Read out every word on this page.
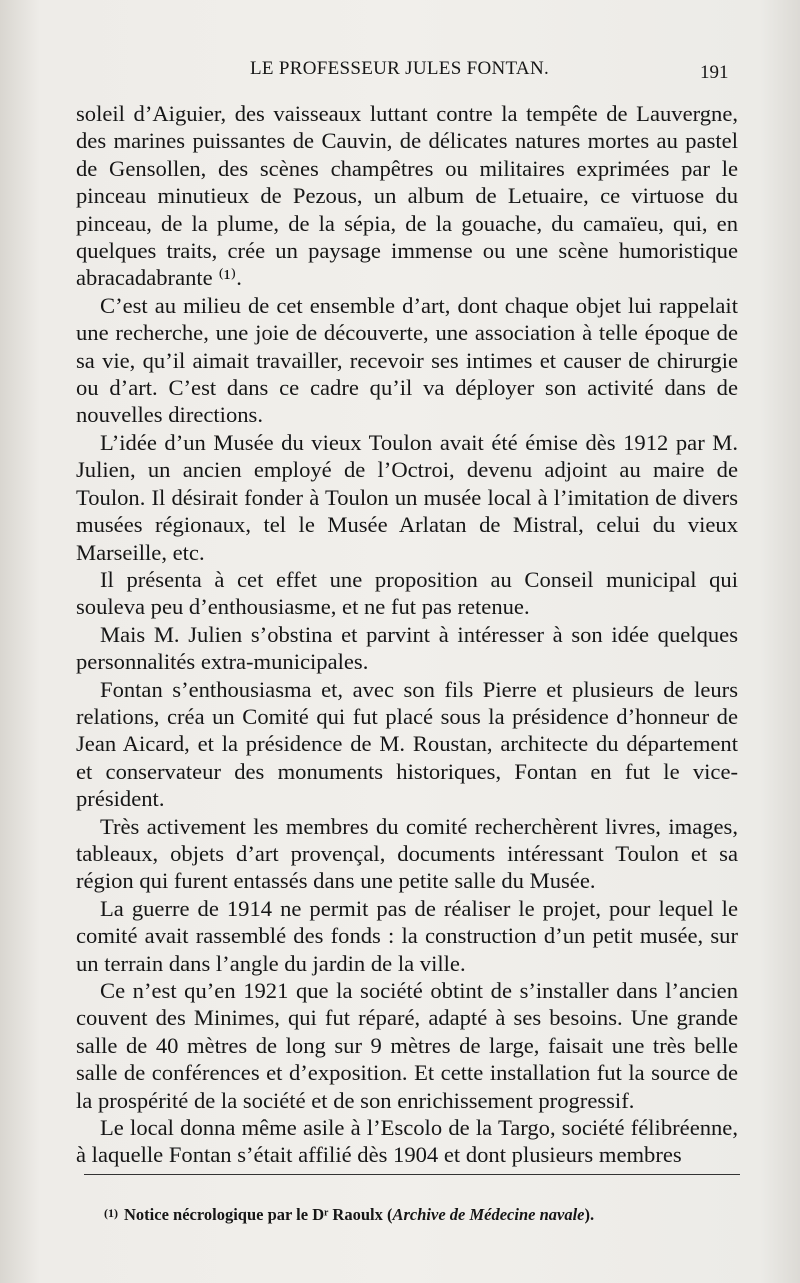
LE PROFESSEUR JULES FONTAN.	191

soleil d’Aiguier, des vaisseaux luttant contre la tempête de Lauvergne, des marines puissantes de Cauvin, de délicates natures mortes au pastel de Gensollen, des scènes champêtres ou militaires exprimées par le pinceau minutieux de Pezous, un album de Letuaire, ce virtuose du pinceau, de la plume, de la sépia, de la gouache, du camaïeu, qui, en quelques traits, crée un paysage immense ou une scène humoristique abracadabrante ⁽¹⁾.

C’est au milieu de cet ensemble d’art, dont chaque objet lui rappelait une recherche, une joie de découverte, une association à telle époque de sa vie, qu’il aimait travailler, recevoir ses intimes et causer de chirurgie ou d’art. C’est dans ce cadre qu’il va déployer son activité dans de nouvelles directions.

L’idée d’un Musée du vieux Toulon avait été émise dès 1912 par M. Julien, un ancien employé de l’Octroi, devenu adjoint au maire de Toulon. Il désirait fonder à Toulon un musée local à l’imitation de divers musées régionaux, tel le Musée Arlatan de Mistral, celui du vieux Marseille, etc.

Il présenta à cet effet une proposition au Conseil municipal qui souleva peu d’enthousiasme, et ne fut pas retenue.

Mais M. Julien s’obstina et parvint à intéresser à son idée quelques personnalités extra-municipales.

Fontan s’enthousiasma et, avec son fils Pierre et plusieurs de leurs relations, créa un Comité qui fut placé sous la présidence d’honneur de Jean Aicard, et la présidence de M. Roustan, architecte du département et conservateur des monuments historiques, Fontan en fut le vice-président.

Très activement les membres du comité recherchèrent livres, images, tableaux, objets d’art provençal, documents intéressant Toulon et sa région qui furent entassés dans une petite salle du Musée.

La guerre de 1914 ne permit pas de réaliser le projet, pour lequel le comité avait rassemblé des fonds : la construction d’un petit musée, sur un terrain dans l’angle du jardin de la ville.

Ce n’est qu’en 1921 que la société obtint de s’installer dans l’ancien couvent des Minimes, qui fut réparé, adapté à ses besoins. Une grande salle de 40 mètres de long sur 9 mètres de large, faisait une très belle salle de conférences et d’exposition. Et cette installation fut la source de la prospérité de la société et de son enrichissement progressif.

Le local donna même asile à l’Escolo de la Targo, société félibréenne, à laquelle Fontan s’était affilié dès 1904 et dont plusieurs membres

(1) Notice nécrologique par le Dʳ Raoulx (Archive de Médecine navale).
